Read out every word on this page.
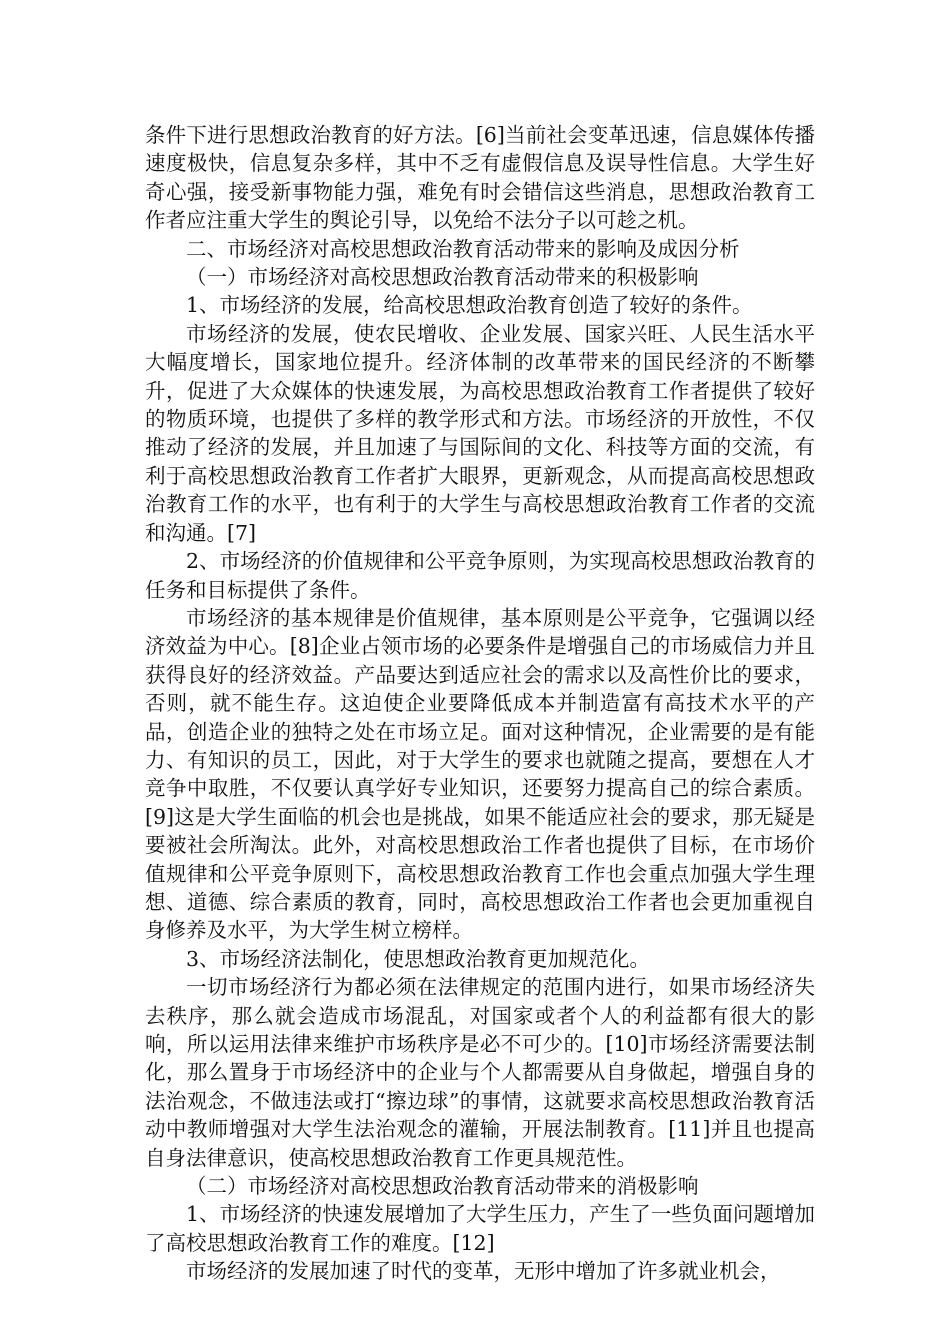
条件下进行思想政治教育的好方法。[6]当前社会变革迅速，信息媒体传播速度极快，信息复杂多样，其中不乏有虚假信息及误导性信息。大学生好奇心强，接受新事物能力强，难免有时会错信这些消息，思想政治教育工作者应注重大学生的舆论引导，以免给不法分子以可趁之机。

二、市场经济对高校思想政治教育活动带来的影响及成因分析

（一）市场经济对高校思想政治教育活动带来的积极影响

1、市场经济的发展，给高校思想政治教育创造了较好的条件。

市场经济的发展，使农民增收、企业发展、国家兴旺、人民生活水平大幅度增长，国家地位提升。经济体制的改革带来的国民经济的不断攀升，促进了大众媒体的快速发展，为高校思想政治教育工作者提供了较好的物质环境，也提供了多样的教学形式和方法。市场经济的开放性，不仅推动了经济的发展，并且加速了与国际间的文化、科技等方面的交流，有利于高校思想政治教育工作者扩大眼界，更新观念，从而提高高校思想政治教育工作的水平，也有利于的大学生与高校思想政治教育工作者的交流和沟通。[7]

2、市场经济的价值规律和公平竞争原则，为实现高校思想政治教育的任务和目标提供了条件。

市场经济的基本规律是价值规律，基本原则是公平竞争，它强调以经济效益为中心。[8]企业占领市场的必要条件是增强自己的市场威信力并且获得良好的经济效益。产品要达到适应社会的需求以及高性价比的要求，否则，就不能生存。这迫使企业要降低成本并制造富有高技术水平的产品，创造企业的独特之处在市场立足。面对这种情况，企业需要的是有能力、有知识的员工，因此，对于大学生的要求也就随之提高，要想在人才竞争中取胜，不仅要认真学好专业知识，还要努力提高自己的综合素质。[9]这是大学生面临的机会也是挑战，如果不能适应社会的要求，那无疑是要被社会所淘汰。此外，对高校思想政治工作者也提供了目标，在市场价值规律和公平竞争原则下，高校思想政治教育工作也会重点加强大学生理想、道德、综合素质的教育，同时，高校思想政治工作者也会更加重视自身修养及水平，为大学生树立榜样。

3、市场经济法制化，使思想政治教育更加规范化。

一切市场经济行为都必须在法律规定的范围内进行，如果市场经济失去秩序，那么就会造成市场混乱，对国家或者个人的利益都有很大的影响，所以运用法律来维护市场秩序是必不可少的。[10]市场经济需要法制化，那么置身于市场经济中的企业与个人都需要从自身做起，增强自身的法治观念，不做违法或打“擦边球”的事情，这就要求高校思想政治教育活动中教师增强对大学生法治观念的灌输，开展法制教育。[11]并且也提高自身法律意识，使高校思想政治教育工作更具规范性。

（二）市场经济对高校思想政治教育活动带来的消极影响

1、市场经济的快速发展增加了大学生压力，产生了一些负面问题增加了高校思想政治教育工作的难度。[12]

市场经济的发展加速了时代的变革，无形中增加了许多就业机会，
